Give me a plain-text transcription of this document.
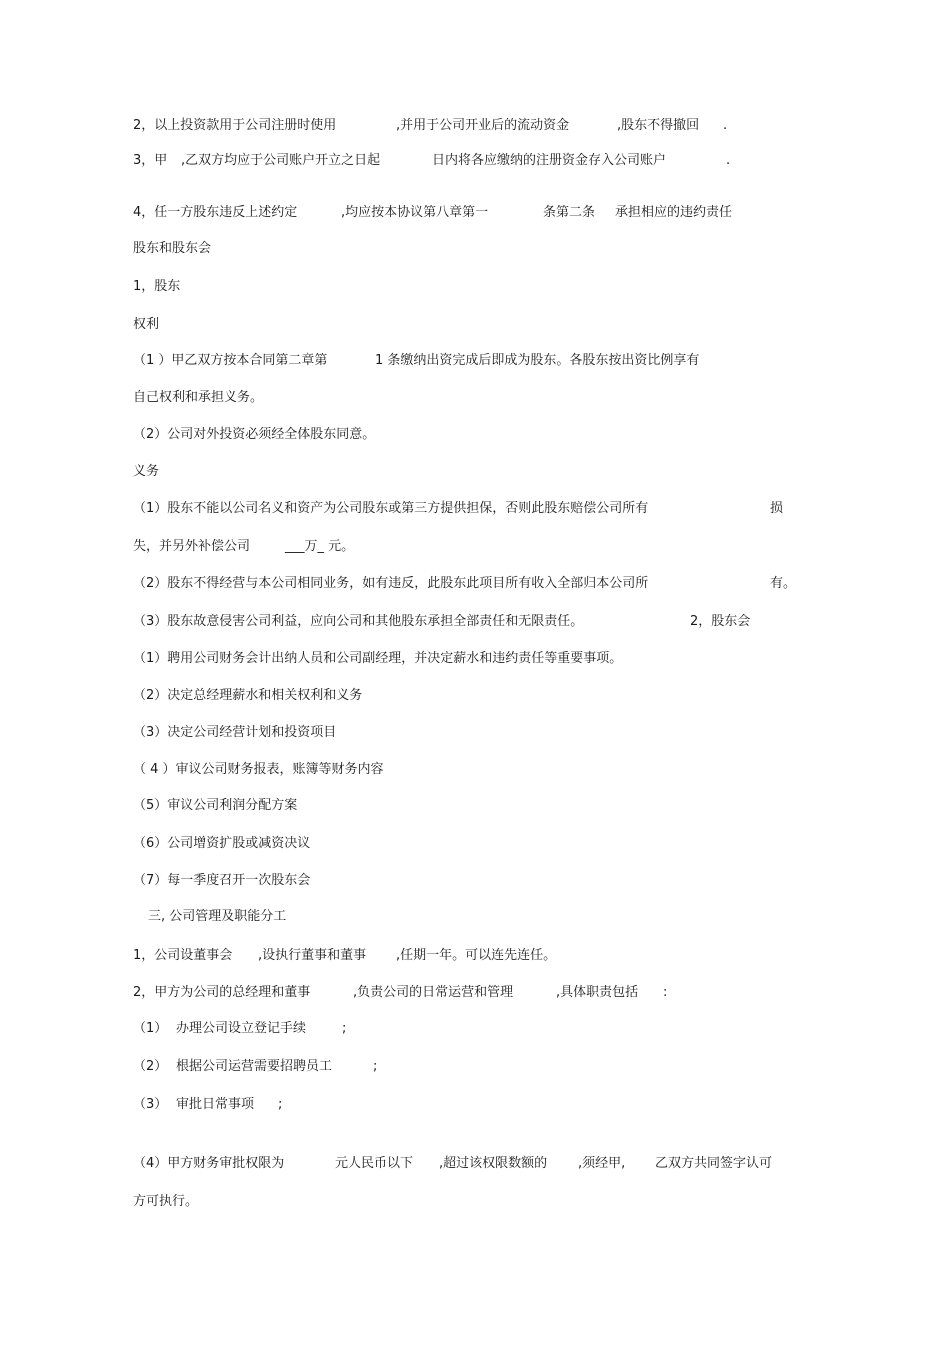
2，以上投资款用于公司注册时使用	,并用于公司开业后的流动资金	,股东不得撤回 .
3，甲 ,乙双方均应于公司账户开立之日起	日内将各应缴纳的注册资金存入公司账户	.
4，任一方股东违反上述约定	,均应按本协议第八章第一	条第二条 承担相应的违约责任
股东和股东会
1，股东
权利
（1 ）甲乙双方按本合同第二章第	1 条缴纳出资完成后即成为股东。各股东按出资比例享有
自己权利和承担义务。
（2）公司对外投资必须经全体股东同意。
义务
（1）股东不能以公司名义和资产为公司股东或第三方提供担保，否则此股东赔偿公司所有	损
失，并另外补偿公司	___万_ 元。
（2）股东不得经营与本公司相同业务，如有违反，此股东此项目所有收入全部归本公司所	有。
（3）股东故意侵害公司利益，应向公司和其他股东承担全部责任和无限责任。	2，股东会
（1）聘用公司财务会计出纳人员和公司副经理，并决定薪水和违约责任等重要事项。
（2）决定总经理薪水和相关权利和义务
（3）决定公司经营计划和投资项目
（ 4 ）审议公司财务报表，账簿等财务内容
（5）审议公司利润分配方案
（6）公司增资扩股或减资决议
（7）每一季度召开一次股东会
三, 公司管理及职能分工
1，公司设董事会 ,设执行董事和董事 ,任期一年。可以连先连任。
2，甲方为公司的总经理和董事	,负责公司的日常运营和管理	,具体职责包括 :
（1） 办理公司设立登记手续	;
（2） 根据公司运营需要招聘员工	;
（3） 审批日常事项 ;
（4）甲方财务审批权限为	元人民币以下 ,超过该权限数额的 ,须经甲, 乙双方共同签字认可
方可执行。
